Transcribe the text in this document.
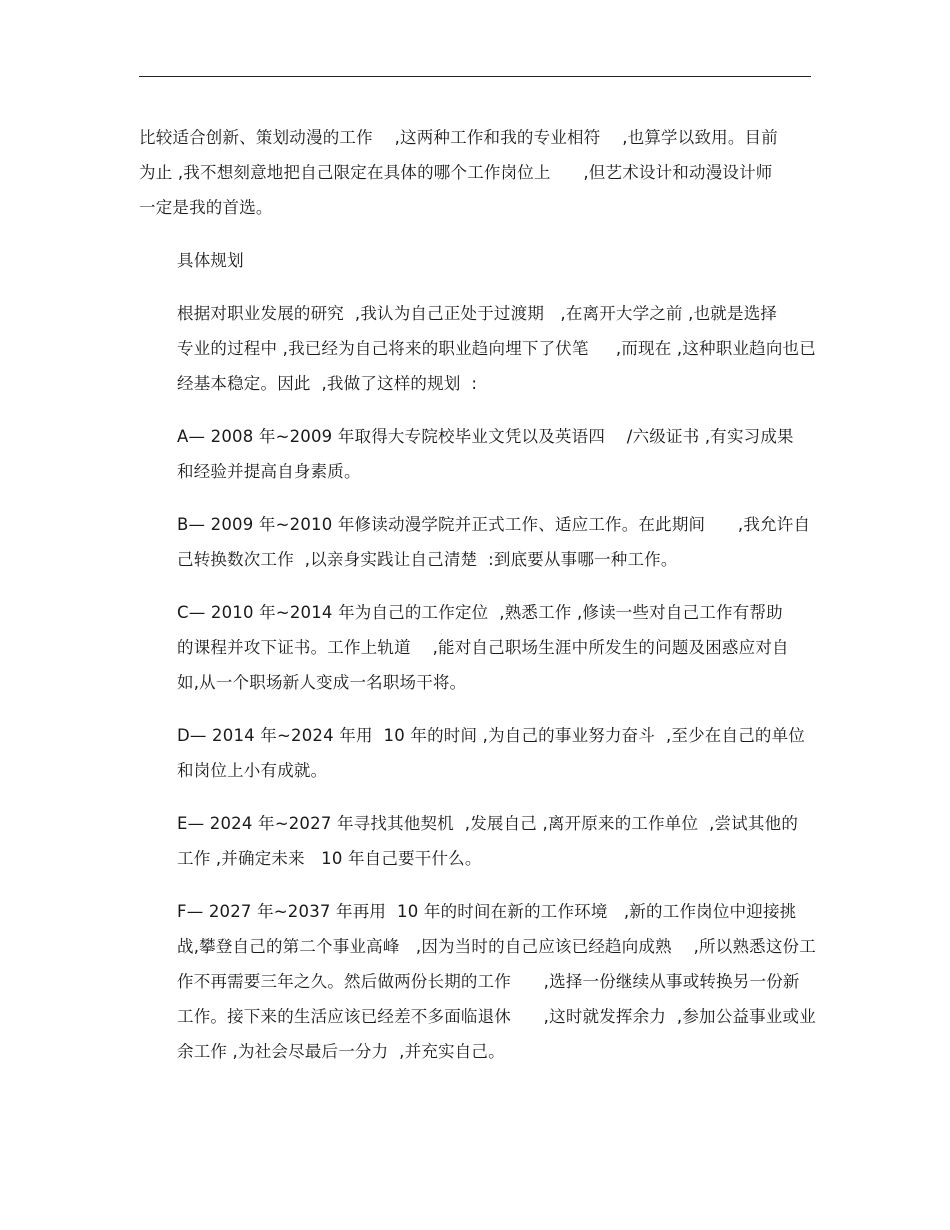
比较适合创新、策划动漫的工作    ,这两种工作和我的专业相符    ,也算学以致用。目前
为止 ,我不想刻意地把自己限定在具体的哪个工作岗位上      ,但艺术设计和动漫设计师
一定是我的首选。
具体规划
根据对职业发展的研究  ,我认为自己正处于过渡期   ,在离开大学之前 ,也就是选择
专业的过程中 ,我已经为自己将来的职业趋向埋下了伏笔     ,而现在 ,这种职业趋向也已
经基本稳定。因此  ,我做了这样的规划  :
A— 2008 年~2009 年取得大专院校毕业文凭以及英语四    /六级证书 ,有实习成果
和经验并提高自身素质。
B— 2009 年~2010 年修读动漫学院并正式工作、适应工作。在此期间      ,我允许自
己转换数次工作  ,以亲身实践让自己清楚  :到底要从事哪一种工作。
C— 2010 年~2014 年为自己的工作定位  ,熟悉工作 ,修读一些对自己工作有帮助
的课程并攻下证书。工作上轨道    ,能对自己职场生涯中所发生的问题及困惑应对自
如,从一个职场新人变成一名职场干将。
D— 2014 年~2024 年用  10 年的时间 ,为自己的事业努力奋斗  ,至少在自己的单位
和岗位上小有成就。
E— 2024 年~2027 年寻找其他契机  ,发展自己 ,离开原来的工作单位  ,尝试其他的
工作 ,并确定未来   10 年自己要干什么。
F— 2027 年~2037 年再用  10 年的时间在新的工作环境   ,新的工作岗位中迎接挑
战,攀登自己的第二个事业高峰   ,因为当时的自己应该已经趋向成熟    ,所以熟悉这份工
作不再需要三年之久。然后做两份长期的工作      ,选择一份继续从事或转换另一份新
工作。接下来的生活应该已经差不多面临退休      ,这时就发挥余力  ,参加公益事业或业
余工作 ,为社会尽最后一分力  ,并充实自己。
